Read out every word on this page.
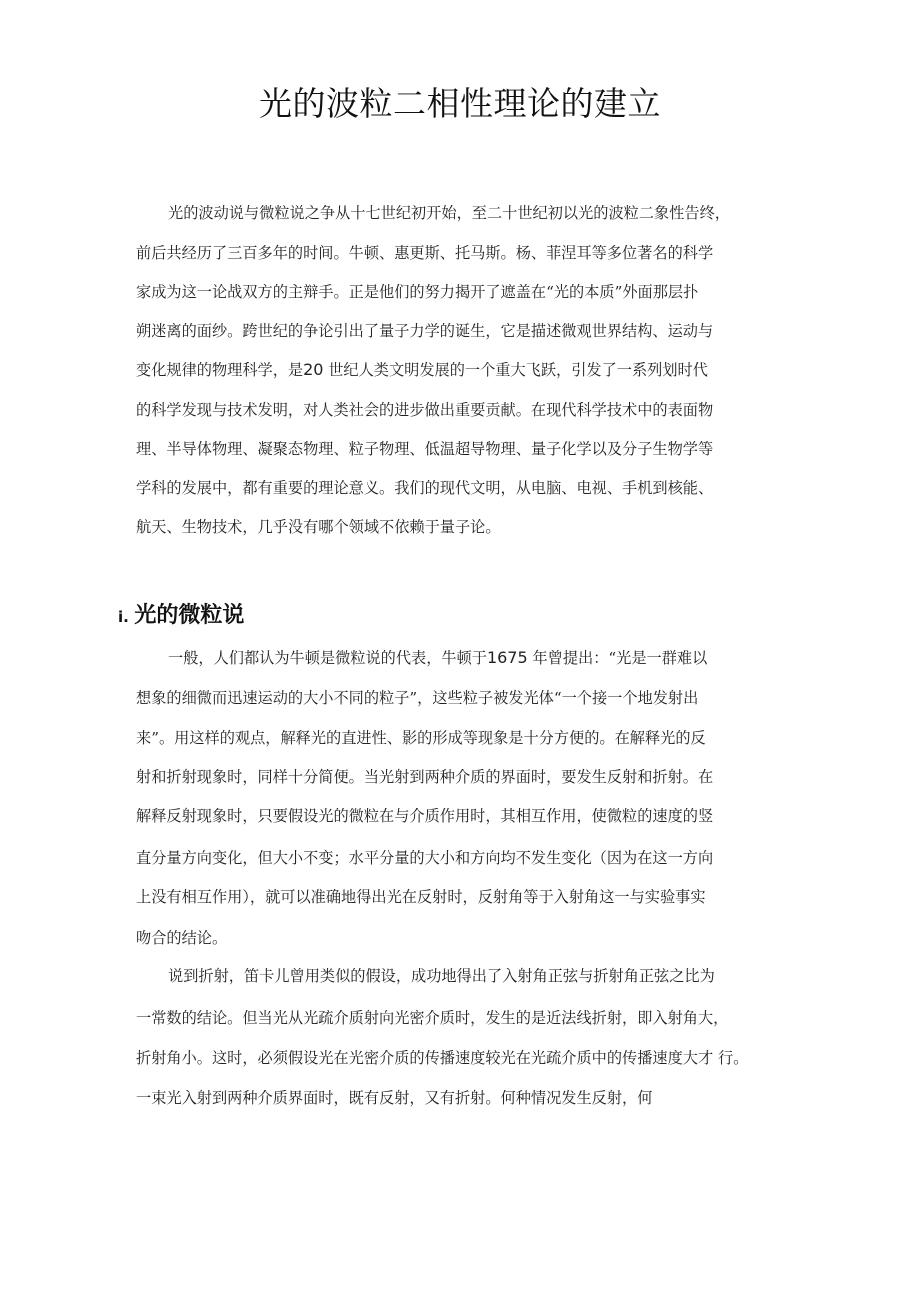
光的波粒二相性理论的建立
光的波动说与微粒说之争从十七世纪初开始，至二十世纪初以光的波粒二象性告终，
前后共经历了三百多年的时间。牛顿、惠更斯、托马斯。杨、菲涅耳等多位著名的科学
家成为这一论战双方的主辩手。正是他们的努力揭开了遮盖在“光的本质”外面那层扑
朔迷离的面纱。跨世纪的争论引出了量子力学的诞生，它是描述微观世界结构、运动与
变化规律的物理科学，是20 世纪人类文明发展的一个重大飞跃，引发了一系列划时代
的科学发现与技术发明，对人类社会的进步做出重要贡献。在现代科学技术中的表面物
理、半导体物理、凝聚态物理、粒子物理、低温超导物理、量子化学以及分子生物学等
学科的发展中，都有重要的理论意义。我们的现代文明，从电脑、电视、手机到核能、
航天、生物技术，几乎没有哪个领域不依赖于量子论。
i. 光的微粒说
一般，人们都认为牛顿是微粒说的代表，牛顿于1675 年曾提出：“光是一群难以
想象的细微而迅速运动的大小不同的粒子”，这些粒子被发光体“一个接一个地发射出
来”。用这样的观点，解释光的直进性、影的形成等现象是十分方便的。在解释光的反
射和折射现象时，同样十分简便。当光射到两种介质的界面时，要发生反射和折射。在
解释反射现象时，只要假设光的微粒在与介质作用时，其相互作用，使微粒的速度的竖
直分量方向变化，但大小不变；水平分量的大小和方向均不发生变化（因为在这一方向
上没有相互作用），就可以准确地得出光在反射时，反射角等于入射角这一与实验事实
吻合的结论。
说到折射，笛卡儿曾用类似的假设，成功地得出了入射角正弦与折射角正弦之比为
一常数的结论。但当光从光疏介质射向光密介质时，发生的是近法线折射，即入射角大，
折射角小。这时，必须假设光在光密介质的传播速度较光在光疏介质中的传播速度大才 行。
一束光入射到两种介质界面时，既有反射，又有折射。何种情况发生反射，何
